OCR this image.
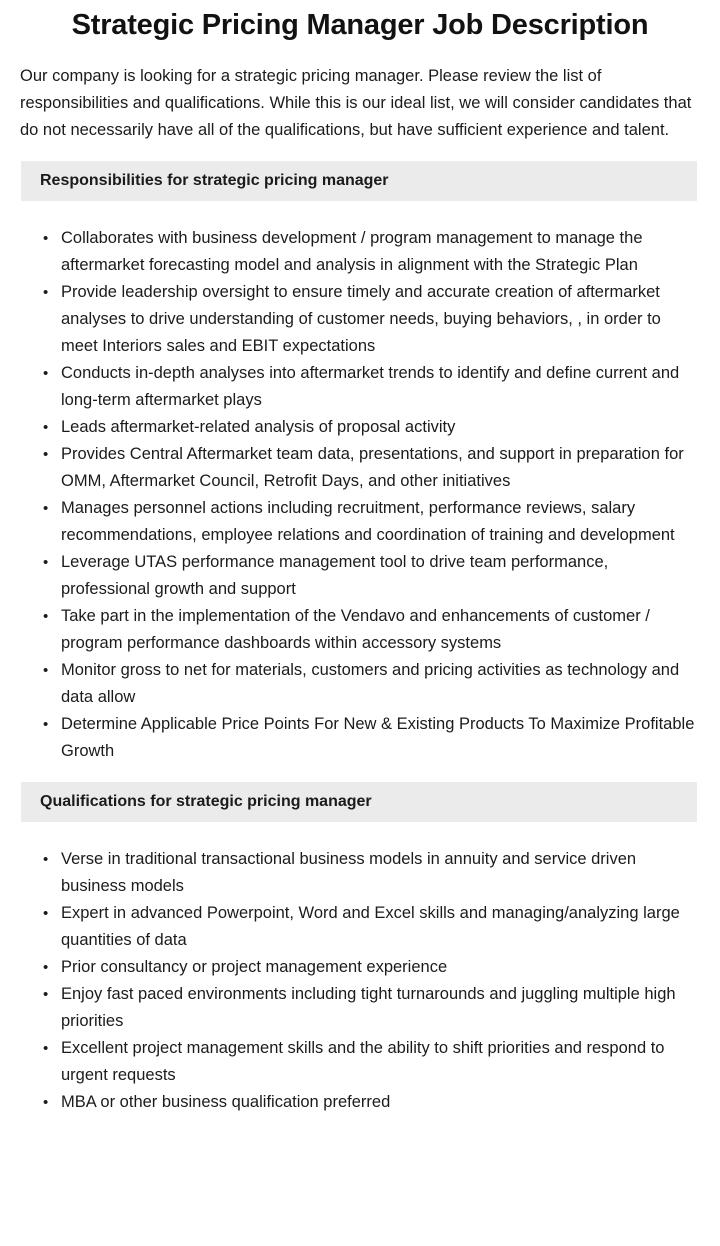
Strategic Pricing Manager Job Description

Our company is looking for a strategic pricing manager. Please review the list of responsibilities and qualifications. While this is our ideal list, we will consider candidates that do not necessarily have all of the qualifications, but have sufficient experience and talent.

Responsibilities for strategic pricing manager
• Collaborates with business development / program management to manage the aftermarket forecasting model and analysis in alignment with the Strategic Plan
• Provide leadership oversight to ensure timely and accurate creation of aftermarket analyses to drive understanding of customer needs, buying behaviors, , in order to meet Interiors sales and EBIT expectations
• Conducts in-depth analyses into aftermarket trends to identify and define current and long-term aftermarket plays
• Leads aftermarket-related analysis of proposal activity
• Provides Central Aftermarket team data, presentations, and support in preparation for OMM, Aftermarket Council, Retrofit Days, and other initiatives
• Manages personnel actions including recruitment, performance reviews, salary recommendations, employee relations and coordination of training and development
• Leverage UTAS performance management tool to drive team performance, professional growth and support
• Take part in the implementation of the Vendavo and enhancements of customer / program performance dashboards within accessory systems
• Monitor gross to net for materials, customers and pricing activities as technology and data allow
• Determine Applicable Price Points For New & Existing Products To Maximize Profitable Growth
Qualifications for strategic pricing manager
• Verse in traditional transactional business models in annuity and service driven business models
• Expert in advanced Powerpoint, Word and Excel skills and managing/analyzing large quantities of data
• Prior consultancy or project management experience
• Enjoy fast paced environments including tight turnarounds and juggling multiple high priorities
• Excellent project management skills and the ability to shift priorities and respond to urgent requests
• MBA or other business qualification preferred
